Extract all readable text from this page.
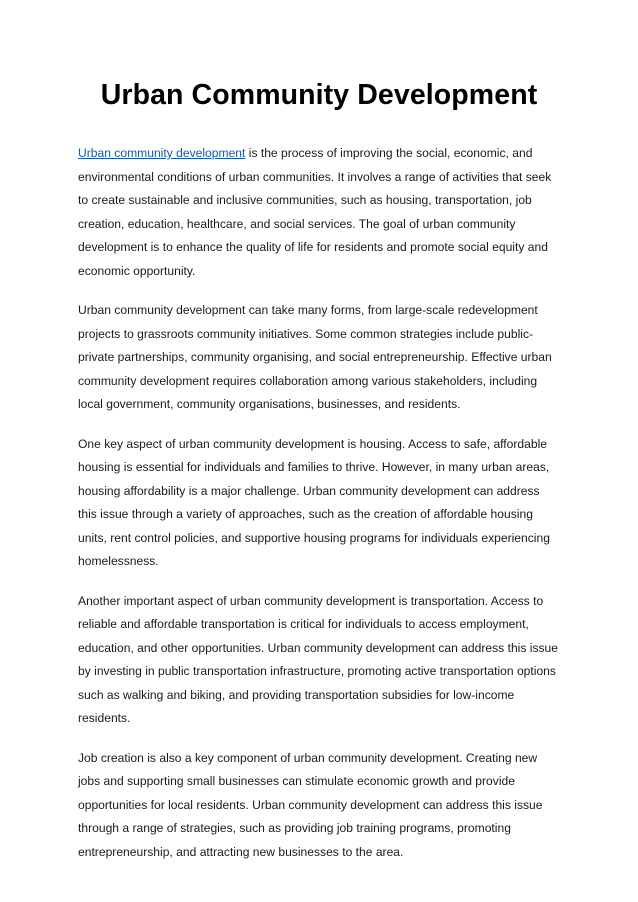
Urban Community Development

Urban community development is the process of improving the social, economic, and environmental conditions of urban communities. It involves a range of activities that seek to create sustainable and inclusive communities, such as housing, transportation, job creation, education, healthcare, and social services. The goal of urban community development is to enhance the quality of life for residents and promote social equity and economic opportunity.

Urban community development can take many forms, from large-scale redevelopment projects to grassroots community initiatives. Some common strategies include public-private partnerships, community organising, and social entrepreneurship. Effective urban community development requires collaboration among various stakeholders, including local government, community organisations, businesses, and residents.

One key aspect of urban community development is housing. Access to safe, affordable housing is essential for individuals and families to thrive. However, in many urban areas, housing affordability is a major challenge. Urban community development can address this issue through a variety of approaches, such as the creation of affordable housing units, rent control policies, and supportive housing programs for individuals experiencing homelessness.

Another important aspect of urban community development is transportation. Access to reliable and affordable transportation is critical for individuals to access employment, education, and other opportunities. Urban community development can address this issue by investing in public transportation infrastructure, promoting active transportation options such as walking and biking, and providing transportation subsidies for low-income residents.

Job creation is also a key component of urban community development. Creating new jobs and supporting small businesses can stimulate economic growth and provide opportunities for local residents. Urban community development can address this issue through a range of strategies, such as providing job training programs, promoting entrepreneurship, and attracting new businesses to the area.
